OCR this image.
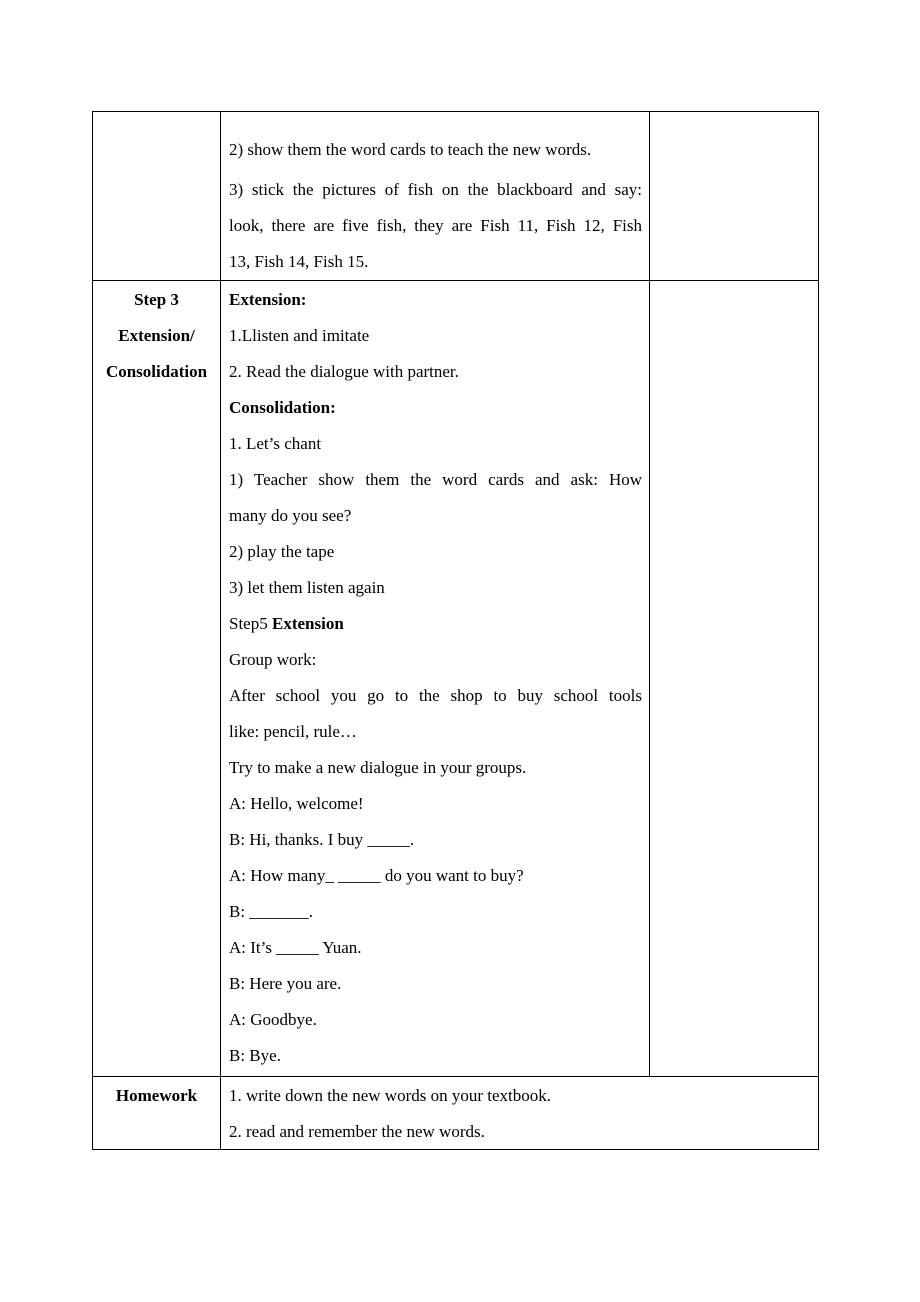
2) show them the word cards to teach the new words.

3) stick the pictures of fish on the blackboard and say:

look, there are five fish, they are Fish 11, Fish 12, Fish

13, Fish 14, Fish 15.

Step 3

Extension/

Consolidation

Extension:

1.Llisten and imitate

2. Read the dialogue with partner.

Consolidation:

1. Let’s chant

1) Teacher show them the word cards and ask: How

many do you see?

2) play the tape

3) let them listen again

Step5 Extension

Group work:

After school you go to the shop to buy school tools

like: pencil, rule…

Try to make a new dialogue in your groups.

A: Hello, welcome!

B: Hi, thanks. I buy _____.

A: How many_ _____ do you want to buy?

B: _______.

A: It’s _____ Yuan.

B: Here you are.

A: Goodbye.

B: Bye.

Homework	1. write down the new words on your textbook.

2. read and remember the new words.
